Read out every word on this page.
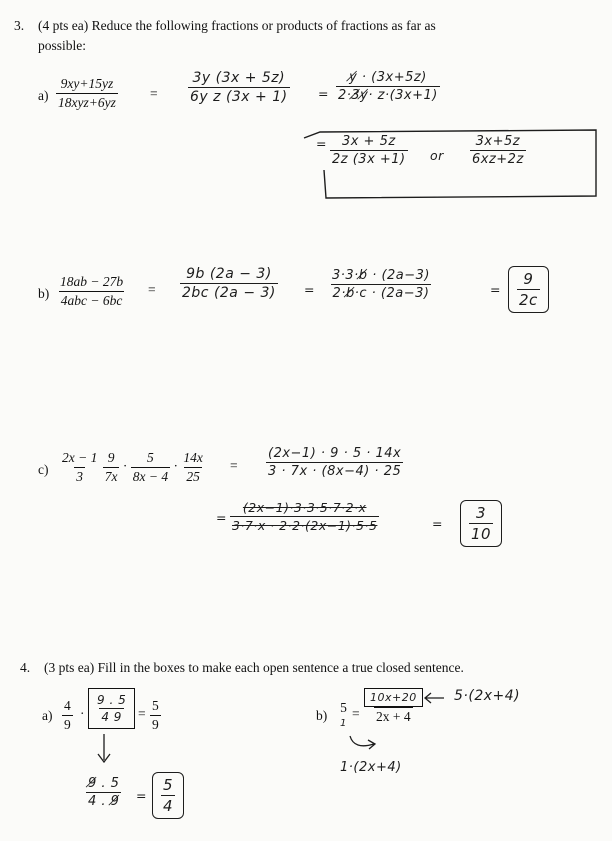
3. (4 pts ea) Reduce the following fractions or products of fractions as far as
possible:
$a) \frac{9xy+15yz}{\text{18xyz+6yz}} = \frac{3y (3x + 5z)}{\text{6y z (3x + 1)}} = \frac{y̸ \cdot (3x+5z)}{2\cdot 3̸y̸\cdot z\cdot(3x+1)}$
= $\frac{3x + 5z}{2z (3x +1)}$ or $\frac{3x+5z}{6xz+2z}$
$b) \frac{18ab - 27b}{\text{4abc − 6bc}} = \frac{9b (2a - 3)}{2bc (2a - 3)} = \frac{3\cdot 3\cdot b̸ \cdot (2a-3)}{2\cdot b̸\cdot c \cdot (2a-3)}$	= $\frac{9}{2c}$
$c) \frac{2x - 1}{3}$
$\frac{9}{7x} \cdot \frac{5}{8x - 4} \cdot \frac{14x}{25} = \frac{(2x-1) \cdot 9 \cdot 5 \cdot 14x}{3 \cdot 7x \cdot (8x-4) \cdot 25}$
= $\frac{(2x-1)\cdot 3\cdot 3\cdot 5\cdot 7\cdot 2\cdot x}{3\cdot 7\cdot x \cdot 2\cdot 2\cdot(2x-1)\cdot 5\cdot 5}$	= $\frac{3}{10}$
4. (3 pts ea) Fill in the boxes to make each open sentence a true closed sentence.
$a) \frac{4}{9} \cdot \frac{9 . 5}{4 9} = \frac{5}{9}$
$\frac{9̸ . 5}{4 . 9̸} = \frac{5}{4}$
b)
5
1
= $\frac{10x+20}{2x + 4} 5\cdot(2x+4)$
1·(2x+4)
